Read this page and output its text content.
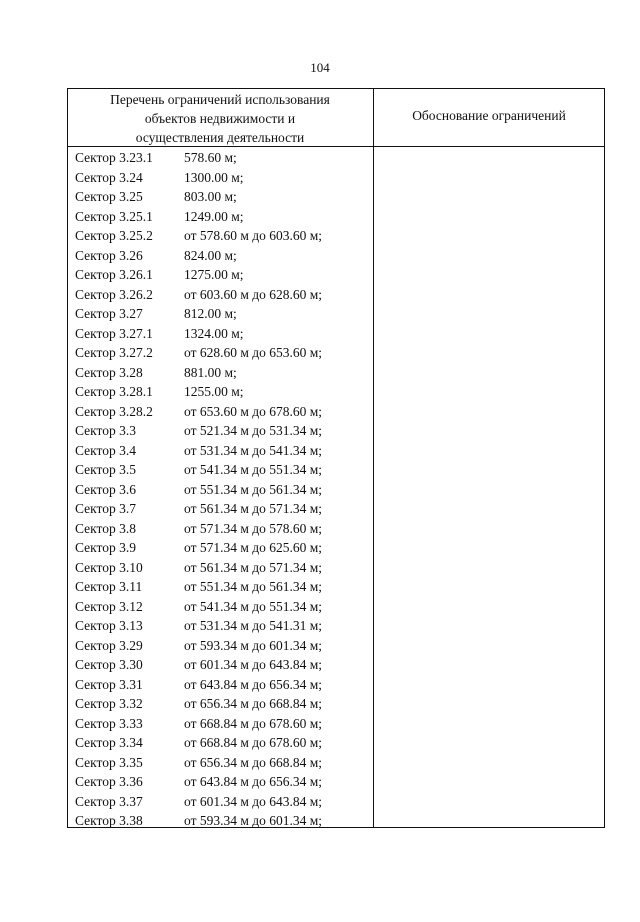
104
Перечень ограничений использования
объектов недвижимости и
осуществления деятельности
Обоснование ограничений
Сектор 3.23.1 578.60 м;
Сектор 3.24	1300.00 м;
Сектор 3.25	803.00 м;
Сектор 3.25.1 1249.00 м;
Сектор 3.25.2 от 578.60 м до 603.60 м;
Сектор 3.26	824.00 м;
Сектор 3.26.1 1275.00 м;
Сектор 3.26.2 от 603.60 м до 628.60 м;
Сектор 3.27	812.00 м;
Сектор 3.27.1 1324.00 м;
Сектор 3.27.2 от 628.60 м до 653.60 м;
Сектор 3.28	881.00 м;
Сектор 3.28.1 1255.00 м;
Сектор 3.28.2 от 653.60 м до 678.60 м;
Сектор 3.3	от 521.34 м до 531.34 м;
Сектор 3.4	от 531.34 м до 541.34 м;
Сектор 3.5	от 541.34 м до 551.34 м;
Сектор 3.6	от 551.34 м до 561.34 м;
Сектор 3.7	от 561.34 м до 571.34 м;
Сектор 3.8	от 571.34 м до 578.60 м;
Сектор 3.9	от 571.34 м до 625.60 м;
Сектор 3.10	от 561.34 м до 571.34 м;
Сектор 3.11	от 551.34 м до 561.34 м;
Сектор 3.12	от 541.34 м до 551.34 м;
Сектор 3.13	от 531.34 м до 541.31 м;
Сектор 3.29	от 593.34 м до 601.34 м;
Сектор 3.30	от 601.34 м до 643.84 м;
Сектор 3.31	от 643.84 м до 656.34 м;
Сектор 3.32	от 656.34 м до 668.84 м;
Сектор 3.33	от 668.84 м до 678.60 м;
Сектор 3.34	от 668.84 м до 678.60 м;
Сектор 3.35	от 656.34 м до 668.84 м;
Сектор 3.36	от 643.84 м до 656.34 м;
Сектор 3.37	от 601.34 м до 643.84 м;
Сектор 3.38	от 593.34 м до 601.34 м;
